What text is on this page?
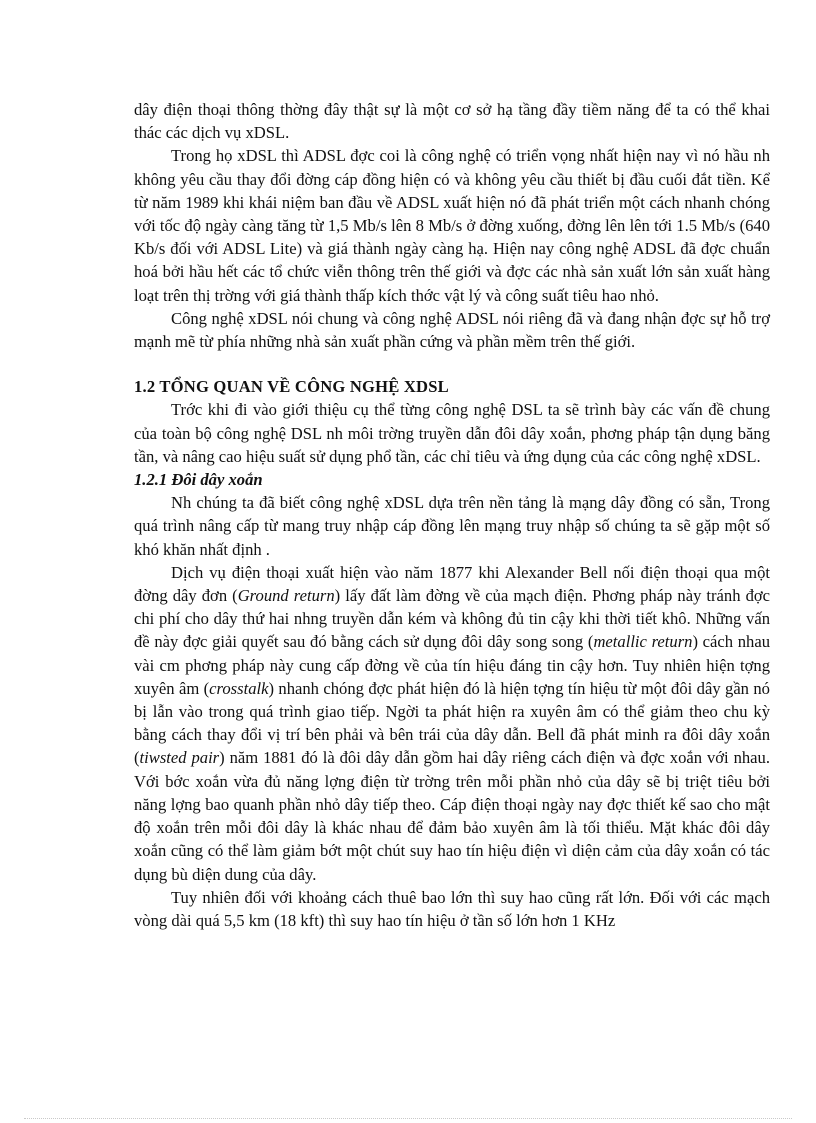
dây điện thoại thông thờng đây thật sự là một cơ sở hạ tầng đầy tiềm năng để ta có thể khai thác các dịch vụ xDSL.

Trong họ xDSL thì ADSL đợc coi là công nghệ có triển vọng nhất hiện nay vì nó hầu nh không yêu cầu thay đổi đờng cáp đồng hiện có và không yêu cầu thiết bị đầu cuối đắt tiền. Kể từ năm 1989 khi khái niệm ban đầu về ADSL xuất hiện nó đã phát triển một cách nhanh chóng với tốc độ ngày càng tăng từ 1,5 Mb/s lên 8 Mb/s ở đờng xuống, đờng lên lên tới 1.5 Mb/s (640 Kb/s đối với ADSL Lite) và giá thành ngày càng hạ. Hiện nay công nghệ ADSL đã đợc chuẩn hoá bởi hầu hết các tổ chức viễn thông trên thế giới và đợc các nhà sản xuất lớn sản xuất hàng loạt trên thị trờng với giá thành thấp kích thớc vật lý và công suất tiêu hao nhỏ.

Công nghệ xDSL nói chung và công nghệ ADSL nói riêng đã và đang nhận đợc sự hỗ trợ mạnh mẽ từ phía những nhà sản xuất phần cứng và phần mềm trên thế giới.

1.2 TỔNG QUAN VỀ CÔNG NGHỆ XDSL

Trớc khi đi vào giới thiệu cụ thể từng công nghệ DSL ta sẽ trình bày các vấn đề chung của toàn bộ công nghệ DSL nh môi trờng truyền dẫn đôi dây xoắn, phơng pháp tận dụng băng tần, và nâng cao hiệu suất sử dụng phổ tần, các chỉ tiêu và ứng dụng của các công nghệ xDSL.

1.2.1 Đôi dây xoắn

Nh chúng ta đã biết công nghệ xDSL dựa trên nền tảng là mạng dây đồng có sẵn, Trong quá trình nâng cấp từ mang truy nhập cáp đồng lên mạng truy nhập số chúng ta sẽ gặp một số khó khăn nhất định .

Dịch vụ điện thoại xuất hiện vào năm 1877 khi Alexander Bell nối điện thoại qua một đờng dây đơn (Ground return) lấy đất làm đờng về của mạch điện. Phơng pháp này tránh đợc chi phí cho dây thứ hai nhng truyền dẫn kém và không đủ tin cậy khi thời tiết khô. Những vấn đề này đợc giải quyết sau đó bằng cách sử dụng đôi dây song song (metallic return) cách nhau vài cm phơng pháp này cung cấp đờng về của tín hiệu đáng tin cậy hơn. Tuy nhiên hiện tợng xuyên âm (crosstalk) nhanh chóng đợc phát hiện đó là hiện tợng tín hiệu từ một đôi dây gần nó bị lẫn vào trong quá trình giao tiếp. Ngời ta phát hiện ra xuyên âm có thể giảm theo chu kỳ bằng cách thay đổi vị trí bên phải và bên trái của dây dẫn. Bell đã phát minh ra đôi dây xoắn (tiwsted pair) năm 1881 đó là đôi dây dẫn gồm hai dây riêng cách điện và đợc xoắn với nhau. Với bớc xoắn vừa đủ năng lợng điện từ trờng trên mỗi phần nhỏ của dây sẽ bị triệt tiêu bởi năng lợng bao quanh phần nhỏ dây tiếp theo. Cáp điện thoại ngày nay đợc thiết kế sao cho mật độ xoắn trên mỗi đôi dây là khác nhau để đảm bảo xuyên âm là tối thiểu. Mặt khác đôi dây xoắn cũng có thể làm giảm bớt một chút suy hao tín hiệu điện vì diện cảm của dây xoắn có tác dụng bù diện dung của dây.

Tuy nhiên đối với khoảng cách thuê bao lớn thì suy hao cũng rất lớn. Đối với các mạch vòng dài quá 5,5 km (18 kft) thì suy hao tín hiệu ở tần số lớn hơn 1 KHz
